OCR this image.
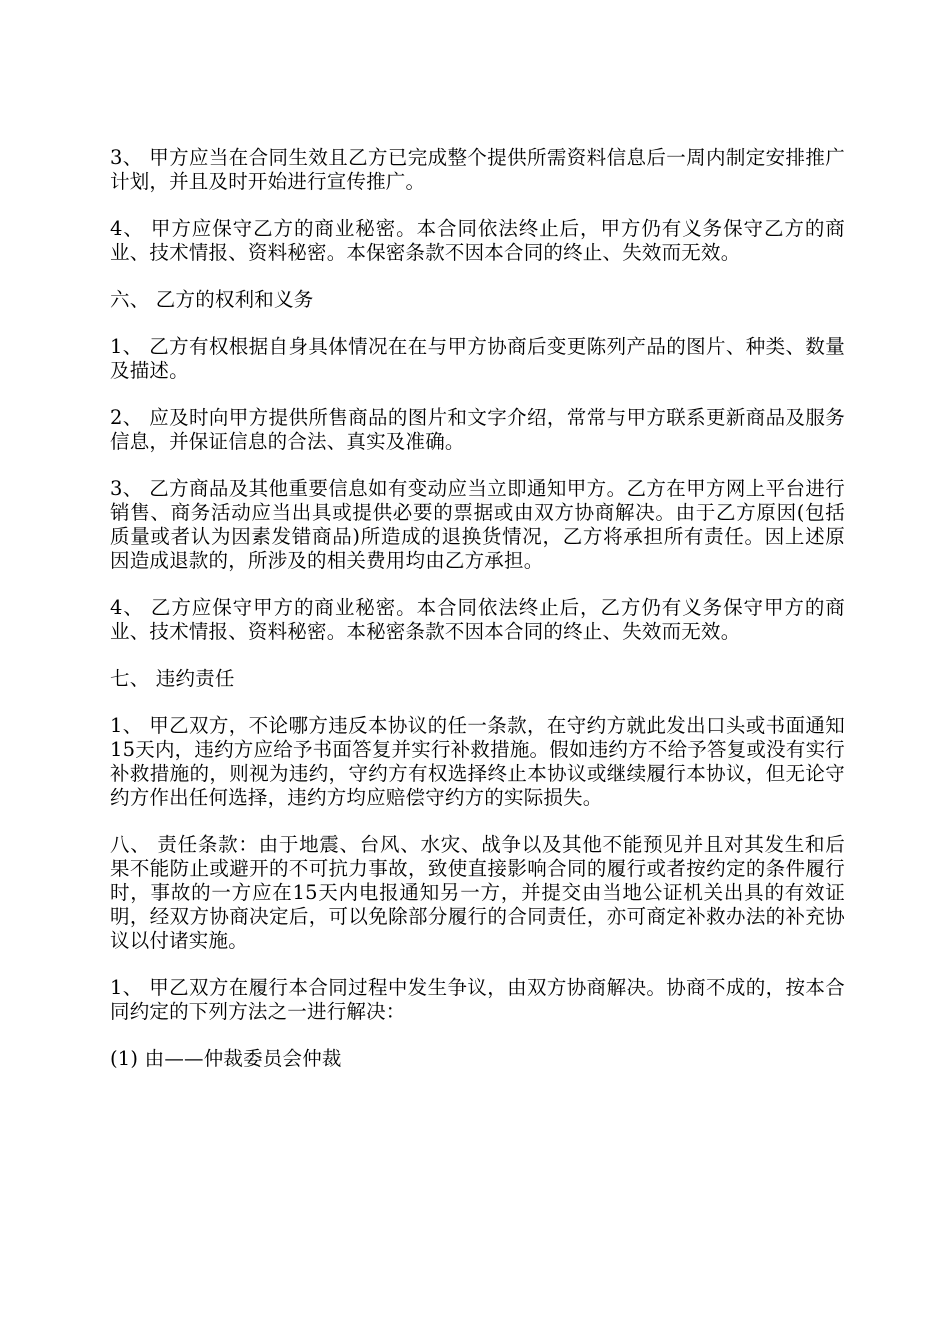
3、 甲方应当在合同生效且乙方已完成整个提供所需资料信息后一周内制定安排推广计划，并且及时开始进行宣传推广。

4、 甲方应保守乙方的商业秘密。本合同依法终止后，甲方仍有义务保守乙方的商业、技术情报、资料秘密。本保密条款不因本合同的终止、失效而无效。

六、 乙方的权利和义务

1、 乙方有权根据自身具体情况在在与甲方协商后变更陈列产品的图片、种类、数量及描述。

2、 应及时向甲方提供所售商品的图片和文字介绍，常常与甲方联系更新商品及服务信息，并保证信息的合法、真实及准确。

3、 乙方商品及其他重要信息如有变动应当立即通知甲方。乙方在甲方网上平台进行销售、商务活动应当出具或提供必要的票据或由双方协商解决。由于乙方原因(包括质量或者认为因素发错商品)所造成的退换货情况，乙方将承担所有责任。因上述原因造成退款的，所涉及的相关费用均由乙方承担。

4、 乙方应保守甲方的商业秘密。本合同依法终止后，乙方仍有义务保守甲方的商业、技术情报、资料秘密。本秘密条款不因本合同的终止、失效而无效。

七、 违约责任

1、 甲乙双方，不论哪方违反本协议的任一条款，在守约方就此发出口头或书面通知15天内，违约方应给予书面答复并实行补救措施。假如违约方不给予答复或没有实行补救措施的，则视为违约，守约方有权选择终止本协议或继续履行本协议，但无论守约方作出任何选择，违约方均应赔偿守约方的实际损失。

八、 责任条款：由于地震、台风、水灾、战争以及其他不能预见并且对其发生和后果不能防止或避开的不可抗力事故，致使直接影响合同的履行或者按约定的条件履行时，事故的一方应在15天内电报通知另一方，并提交由当地公证机关出具的有效证明，经双方协商决定后，可以免除部分履行的合同责任，亦可商定补救办法的补充协议以付诸实施。

1、 甲乙双方在履行本合同过程中发生争议，由双方协商解决。协商不成的，按本合同约定的下列方法之一进行解决：

(1) 由——仲裁委员会仲裁
